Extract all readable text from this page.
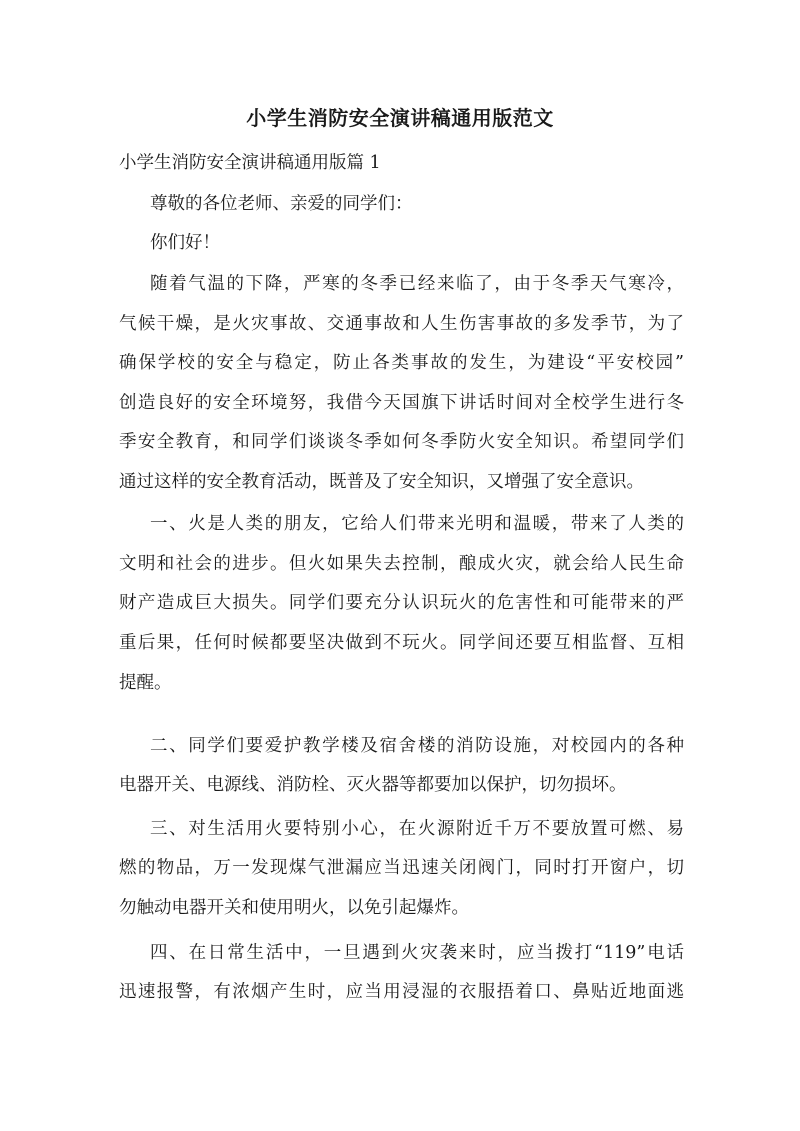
小学生消防安全演讲稿通用版范文
小学生消防安全演讲稿通用版篇 1
尊敬的各位老师、亲爱的同学们：
你们好！
随着气温的下降，严寒的冬季已经来临了，由于冬季天气寒冷，
气候干燥，是火灾事故、交通事故和人生伤害事故的多发季节，为了
确保学校的安全与稳定，防止各类事故的发生，为建设“平安校园”
创造良好的安全环境努，我借今天国旗下讲话时间对全校学生进行冬
季安全教育，和同学们谈谈冬季如何冬季防火安全知识。希望同学们
通过这样的安全教育活动，既普及了安全知识，又增强了安全意识。
一、火是人类的朋友，它给人们带来光明和温暖，带来了人类的
文明和社会的进步。但火如果失去控制，酿成火灾，就会给人民生命
财产造成巨大损失。同学们要充分认识玩火的危害性和可能带来的严
重后果，任何时候都要坚决做到不玩火。同学间还要互相监督、互相
提醒。
二、同学们要爱护教学楼及宿舍楼的消防设施，对校园内的各种
电器开关、电源线、消防栓、灭火器等都要加以保护，切勿损坏。
三、对生活用火要特别小心，在火源附近千万不要放置可燃、易
燃的物品，万一发现煤气泄漏应当迅速关闭阀门，同时打开窗户，切
勿触动电器开关和使用明火，以免引起爆炸。
四、在日常生活中，一旦遇到火灾袭来时，应当拨打“119”电话
迅速报警，有浓烟产生时，应当用浸湿的衣服捂着口、鼻贴近地面逃
